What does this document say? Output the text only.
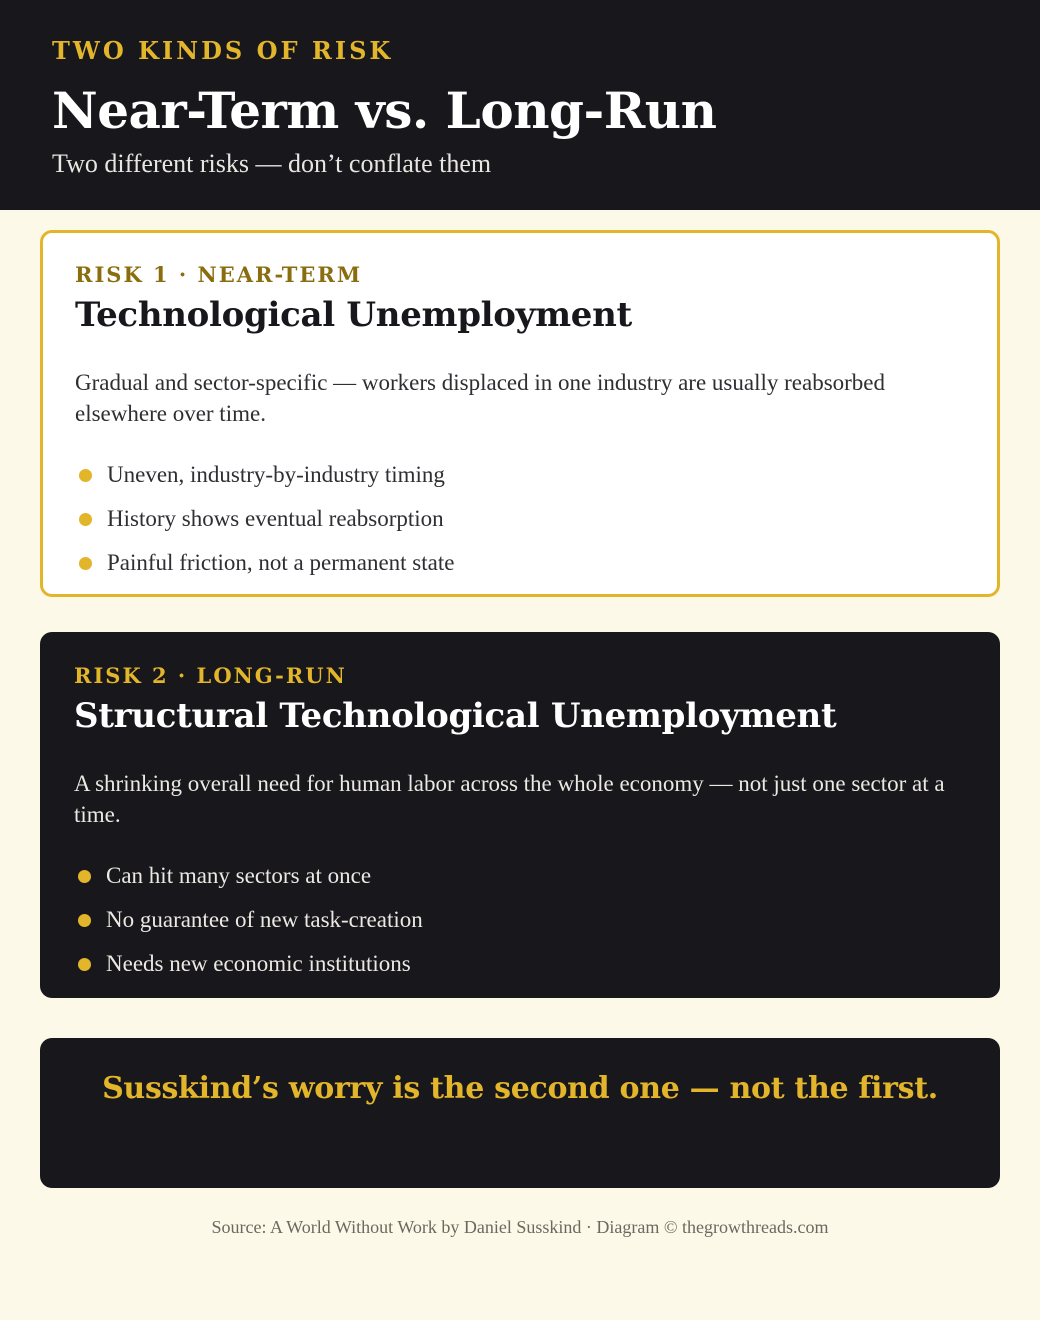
TWO KINDS OF RISK
Near-Term vs. Long-Run
Two different risks — don’t conflate them
RISK 1 · NEAR-TERM
Technological Unemployment

Gradual and sector-specific — workers displaced in one industry are usually reabsorbed elsewhere over time.

Uneven, industry-by-industry timing
History shows eventual reabsorption
Painful friction, not a permanent state
RISK 2 · LONG-RUN
Structural Technological Unemployment

A shrinking overall need for human labor across the whole economy — not just one sector at a time.

Can hit many sectors at once
No guarantee of new task-creation
Needs new economic institutions
Susskind’s worry is the second one — not the first.
Source: A World Without Work by Daniel Susskind · Diagram © thegrowthreads.com
